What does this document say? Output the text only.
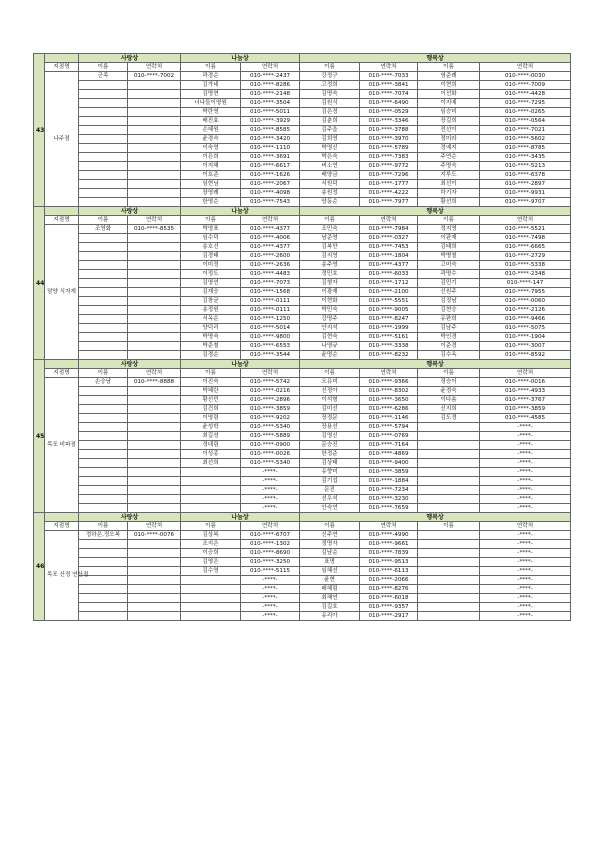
43		사랑상		나눔상		행복상			
	지점명	이름	연락처	이름	연락처	이름	연락처	이름	연락처
	나주점	군족	010-****-7002	곽경순	010-****-2437	강정구	010-****-7033	염준례	010-****-0030
				김가네	010-****-8286	고정희	010-****-3841	이현희	010-****-7009
				김명현	010-****-2148	김명숙	010-****-7074	이선화	010-****-4428
				너나들이영원	010-****-3504	김원식	010-****-6490	이지예	010-****-7295
				박란영	010-****-5011	김은정	010-****-0529	임승미	010-****-0265
				배진효	010-****-3929	김춘희	010-****-3346	장길희	010-****-0564
				손혜원	010-****-8585	김주을	010-****-3788	전선이	010-****-7021
				윤경숙	010-****-3420	김희영	010-****-3970	정미라	010-****-5602
				이숙영	010-****-1110	박영신	010-****-5789	정예지	010-****-8785
				이은희	010-****-3691	박은숙	010-****-7383	주연순	010-****-3435
				이지혜	010-****-6617	버소연	010-****-9772	주명숙	010-****-5213
				이호준	010-****-1626	배양금	010-****-7296	지루도	010-****-6378
				임현님	010-****-2067	서원덕	010-****-1777	최선이	010-****-2897
				장영례	010-****-4098	송원정	010-****-4222	하기자	010-****-9931
				한영순	010-****-7543	양동순	010-****-7977	황선희	010-****-9707
44		사랑상		나눔상		행복상			
	지점명	이름	연락처	이름	연락처	이름	연락처	이름	연락처
	담양 식자재	조영화	010-****-8535	박영표	010-****-4377	조민숙	010-****-7984	정지영	010-****-5521
				임수덕	010-****-4006	남준영	010-****-0327	이판재	010-****-7498
				송호선	010-****-4377	김복만	010-****-7453	김태희	010-****-6665
				김경태	010-****-2600	김지영	010-****-1804	박병철	010-****-2729
				이미정	010-****-2636	송주영	010-****-4377	고미숙	010-****-5338
				이정도	010-****-4483	정민호	010-****-6033	곽명수	010-****-2348
				김영연	010-****-7073	김형자	010-****-1712	김민기	010-****-147
				김재승	010-****-1568	이광재	010-****-2100	신원주	010-****-7955
				김창균	010-****-0111	이현화	010-****-5551	김정남	010-****-0060
				송정원	010-****-0111	박민숙	010-****-9005	김현승	010-****-2126
				서옥순	010-****-1250	강명주	010-****-8247	유판희	010-****-9466
				양덕리	010-****-5014	안지석	010-****-1999	김남주	010-****-5075
				박명숙	010-****-9800	김현숙	010-****-5161	박인경	010-****-1904
				박준철	010-****-6553	나영규	010-****-3338	이준경	010-****-3007
				김경순	010-****-3544	윤명순	010-****-8232	김수옥	010-****-8592
45		사랑상		나눔상		행복상			
	지점명	이름	연락처	이름	연락처	이름	연락처	이름	연락처
	목포 비파점	손승남	010-****-8888	이진숙	010-****-5742	오유미	010-****-9366	정승이	010-****-0016
				박혜란	010-****-0216	신정아	010-****-8302	윤경숙	010-****-4933
				황선민	010-****-2896	이석형	010-****-3650	이다솜	010-****-3767
				김건희	010-****-3859	김미선	010-****-6286	신지희	010-****-3859
				이영림	010-****-9202	장경문	010-****-1146	김도경	010-****-4585
				윤성학	010-****-5340	장용선	010-****-5794		-****-
				최길성	010-****-5889	김영신	010-****-0769		-****-
				정대림	010-****-0900	문승진	010-****-7164		-****-
				이성종	010-****-0026	한정준	010-****-4869		-****-
				최선희	010-****-5340	김상태	010-****-9400		-****-
					-****-	유향미	010-****-3859		-****-
					-****-	김기섭	010-****-1884		-****-
					-****-	문진	010-****-7234		-****-
					-****-	선우석	010-****-3230		-****-
					-****-	안숙연	010-****-7659		-****-
46		사랑상		나눔상		행복상			
	지점명	이름	연락처	이름	연락처	이름	연락처	이름	연락처
	목포 산정 연산점	정하은,정오복	010-****-0076	김상복	010-****-6707	신주연	010-****-4990		-****-
				조지은	010-****-1302	정명자	010-****-9661		-****-
				이승희	010-****-8690	김남순	010-****-7839		-****-
				김영은	010-****-3250	표명	010-****-9513		-****-
				김수영	010-****-5115	임혜선	010-****-6113		-****-
					-****-	윤현	010-****-2066		-****-
					-****-	배혜림	010-****-8276		-****-
					-****-	최혜연	010-****-6018		-****-
					-****-	김길호	010-****-9357		-****-
					-****-	유리아	010-****-2917		-****-
